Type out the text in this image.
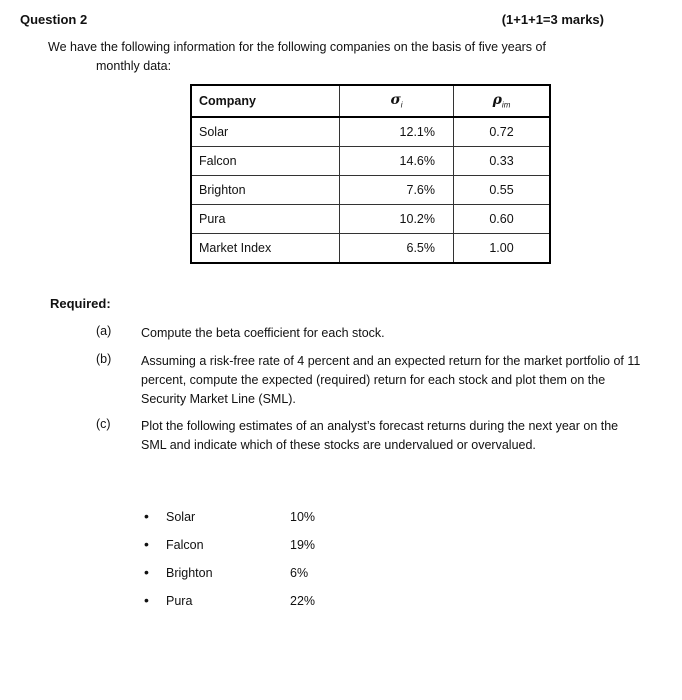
Question 2	(1+1+1=3 marks)
We have the following information for the following companies on the basis of five years of
monthly data:
Company	$\sigma_i$	$\rho_{im}$
Solar	12.1%	0.72
Falcon	14.6%	0.33
Brighton	7.6%	0.55
Pura	10.2%	0.60
Market Index	6.5%	1.00
Required:
(a) Compute the beta coefficient for each stock.
(b) Assuming a risk-free rate of 4 percent and an expected return for the market portfolio of 11 percent, compute the expected (required) return for each stock and plot them on the Security Market Line (SML).
(c) Plot the following estimates of an analyst’s forecast returns during the next year on the SML and indicate which of these stocks are undervalued or overvalued.
• Solar	10%
• Falcon	19%
• Brighton	6%
• Pura	22%
